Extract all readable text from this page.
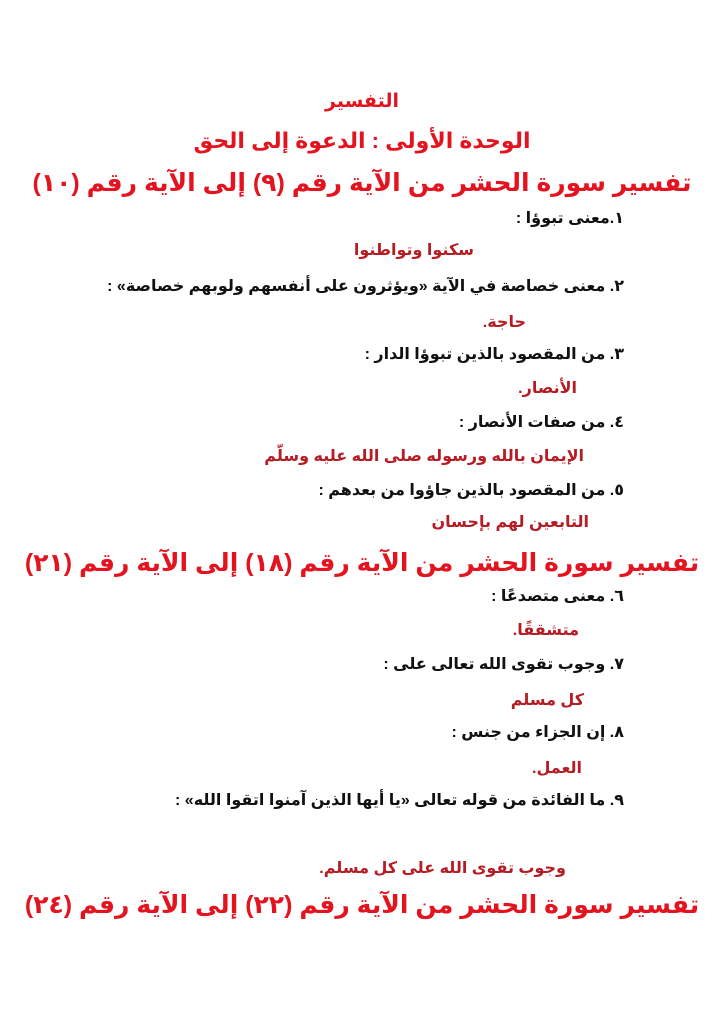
التفسير
الوحدة الأولى : الدعوة إلى الحق
تفسير سورة الحشر من الآية رقم (٩) إلى الآية رقم (١٠)
١.معنى تبوؤا :
سكنوا وتواطنوا
٢. معنى خصاصة في الآية «ويؤثرون على أنفسهم ولوبهم خصاصة» :
حاجة.
٣. من المقصود بالذين تبوؤا الدار :
الأنصار.
٤. من صفات الأنصار :
الإيمان بالله ورسوله صلى الله عليه وسلّم
٥. من المقصود بالذين جاؤوا من بعدهم :
التابعين لهم بإحسان
تفسير سورة الحشر من الآية رقم (١٨) إلى الآية رقم (٢١)
٦. معنى متصدعًا :
متشققًا.
٧. وجوب تقوى الله تعالى على :
كل مسلم
٨. إن الجزاء من جنس :
العمل.
٩. ما الفائدة من قوله تعالى «يا أيها الذين آمنوا اتقوا الله» :
وجوب تقوى الله على كل مسلم.
تفسير سورة الحشر من الآية رقم (٢٢) إلى الآية رقم (٢٤)
